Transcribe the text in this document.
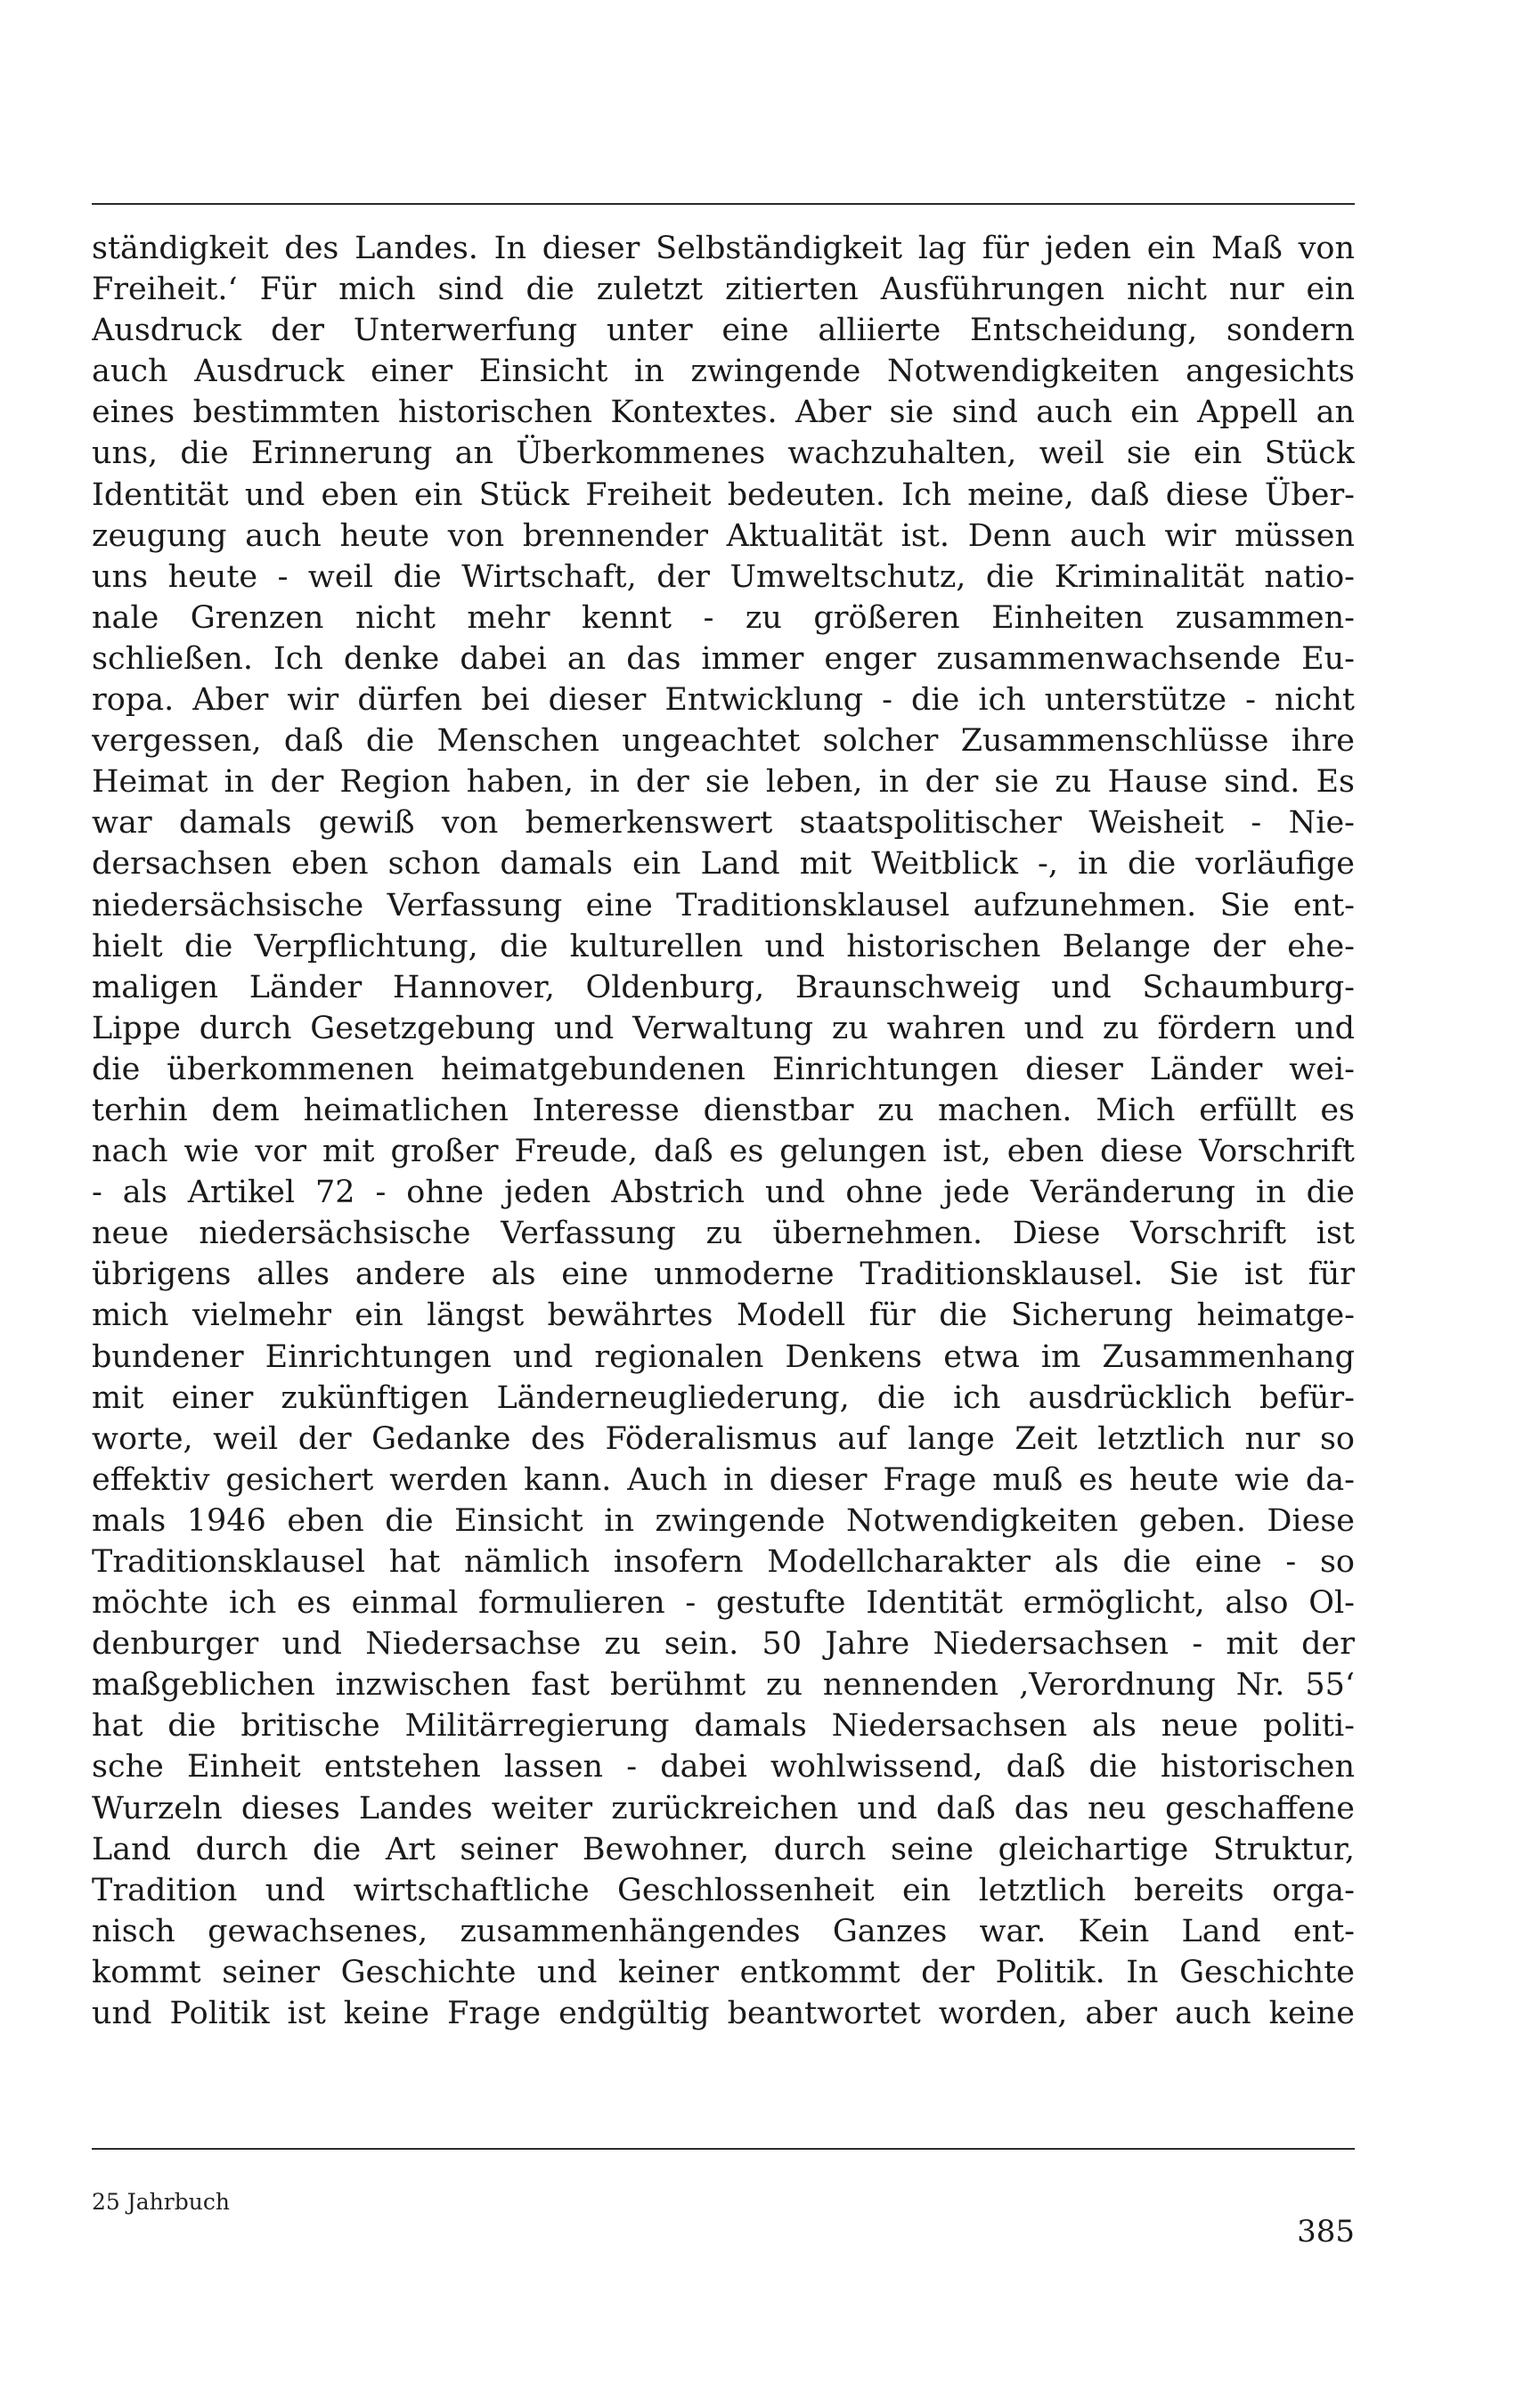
ständigkeit des Landes. In dieser Selbständigkeit lag für jeden ein Maß von
Freiheit.‘ Für mich sind die zuletzt zitierten Ausführungen nicht nur ein
Ausdruck der Unterwerfung unter eine alliierte Entscheidung, sondern
auch Ausdruck einer Einsicht in zwingende Notwendigkeiten angesichts
eines bestimmten historischen Kontextes. Aber sie sind auch ein Appell an
uns, die Erinnerung an Überkommenes wachzuhalten, weil sie ein Stück
Identität und eben ein Stück Freiheit bedeuten. Ich meine, daß diese Über-
zeugung auch heute von brennender Aktualität ist. Denn auch wir müssen
uns heute - weil die Wirtschaft, der Umweltschutz, die Kriminalität natio-
nale Grenzen nicht mehr kennt - zu größeren Einheiten zusammen-
schließen. Ich denke dabei an das immer enger zusammenwachsende Eu-
ropa. Aber wir dürfen bei dieser Entwicklung - die ich unterstütze - nicht
vergessen, daß die Menschen ungeachtet solcher Zusammenschlüsse ihre
Heimat in der Region haben, in der sie leben, in der sie zu Hause sind. Es
war damals gewiß von bemerkenswert staatspolitischer Weisheit - Nie-
dersachsen eben schon damals ein Land mit Weitblick -, in die vorläufige
niedersächsische Verfassung eine Traditionsklausel aufzunehmen. Sie ent-
hielt die Verpflichtung, die kulturellen und historischen Belange der ehe-
maligen Länder Hannover, Oldenburg, Braunschweig und Schaumburg-
Lippe durch Gesetzgebung und Verwaltung zu wahren und zu fördern und
die überkommenen heimatgebundenen Einrichtungen dieser Länder wei-
terhin dem heimatlichen Interesse dienstbar zu machen. Mich erfüllt es
nach wie vor mit großer Freude, daß es gelungen ist, eben diese Vorschrift
- als Artikel 72 - ohne jeden Abstrich und ohne jede Veränderung in die
neue niedersächsische Verfassung zu übernehmen. Diese Vorschrift ist
übrigens alles andere als eine unmoderne Traditionsklausel. Sie ist für
mich vielmehr ein längst bewährtes Modell für die Sicherung heimatge-
bundener Einrichtungen und regionalen Denkens etwa im Zusammenhang
mit einer zukünftigen Länderneugliederung, die ich ausdrücklich befür-
worte, weil der Gedanke des Föderalismus auf lange Zeit letztlich nur so
effektiv gesichert werden kann. Auch in dieser Frage muß es heute wie da-
mals 1946 eben die Einsicht in zwingende Notwendigkeiten geben. Diese
Traditionsklausel hat nämlich insofern Modellcharakter als die eine - so
möchte ich es einmal formulieren - gestufte Identität ermöglicht, also Ol-
denburger und Niedersachse zu sein. 50 Jahre Niedersachsen - mit der
maßgeblichen inzwischen fast berühmt zu nennenden ‚Verordnung Nr. 55‘
hat die britische Militärregierung damals Niedersachsen als neue politi-
sche Einheit entstehen lassen - dabei wohlwissend, daß die historischen
Wurzeln dieses Landes weiter zurückreichen und daß das neu geschaffene
Land durch die Art seiner Bewohner, durch seine gleichartige Struktur,
Tradition und wirtschaftliche Geschlossenheit ein letztlich bereits orga-
nisch gewachsenes, zusammenhängendes Ganzes war. Kein Land ent-
kommt seiner Geschichte und keiner entkommt der Politik. In Geschichte
und Politik ist keine Frage endgültig beantwortet worden, aber auch keine
25 Jahrbuch
385
